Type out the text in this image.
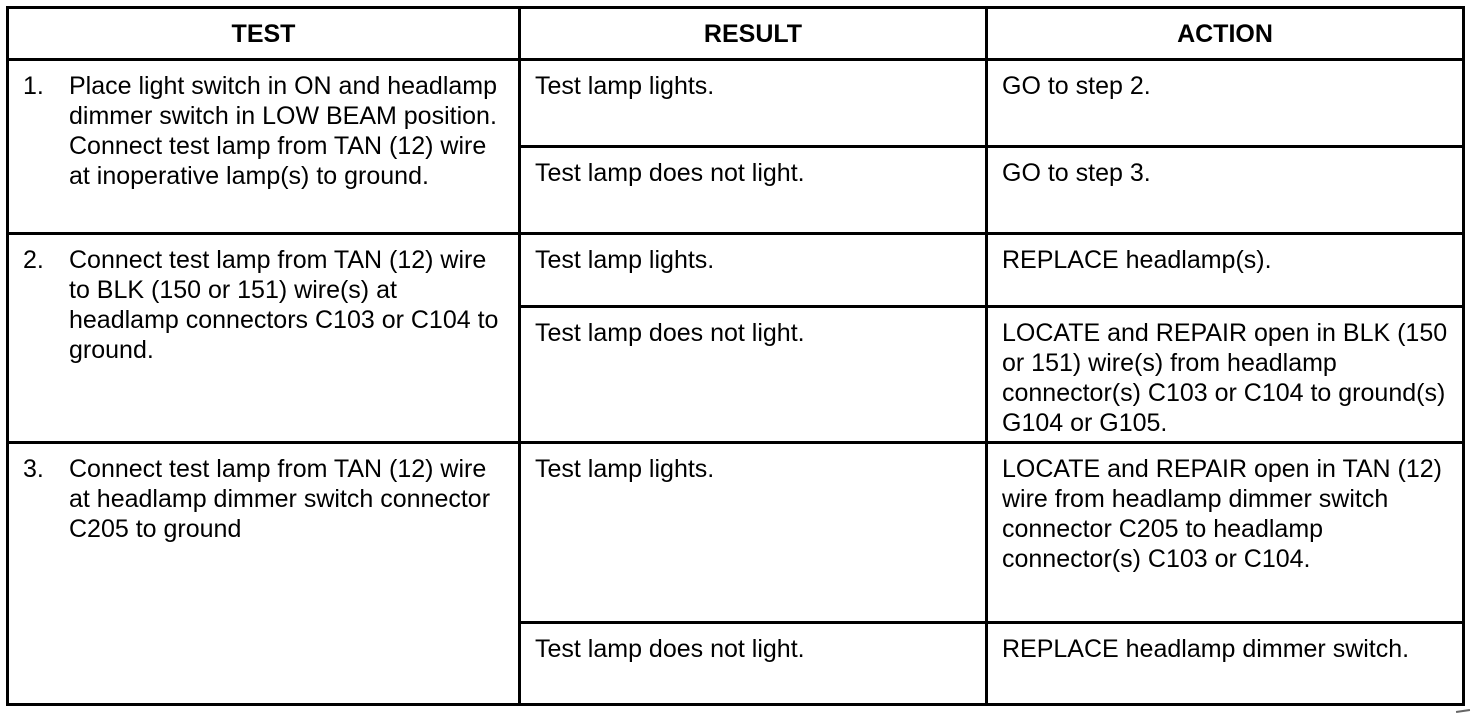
TEST	RESULT	ACTION

1. Place light switch in ON and headlamp dimmer switch in LOW BEAM position. Connect test lamp from TAN (12) wire at inoperative lamp(s) to ground.	Test lamp lights.	GO to step 2.
	Test lamp does not light.	GO to step 3.

2. Connect test lamp from TAN (12) wire to BLK (150 or 151) wire(s) at headlamp connectors C103 or C104 to ground.	Test lamp lights.	REPLACE headlamp(s).
	Test lamp does not light.	LOCATE and REPAIR open in BLK (150 or 151) wire(s) from headlamp connector(s) C103 or C104 to ground(s) G104 or G105.

3. Connect test lamp from TAN (12) wire at headlamp dimmer switch connector C205 to ground	Test lamp lights.	LOCATE and REPAIR open in TAN (12) wire from headlamp dimmer switch connector C205 to headlamp connector(s) C103 or C104.
	Test lamp does not light.	REPLACE headlamp dimmer switch.
